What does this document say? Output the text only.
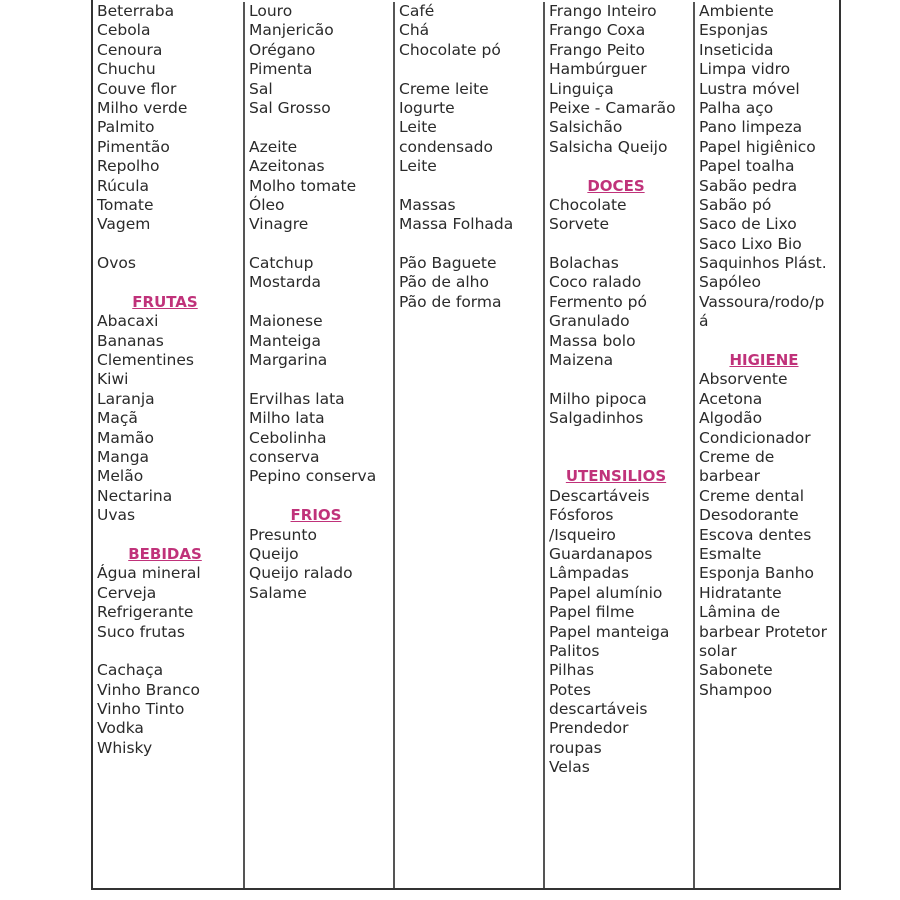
Beterraba
Cebola
Cenoura
Chuchu
Couve flor
Milho verde
Palmito
Pimentão
Repolho
Rúcula
Tomate
Vagem
Ovos
FRUTAS
Abacaxi
Bananas
Clementines
Kiwi
Laranja
Maçã
Mamão
Manga
Melão
Nectarina
Uvas
BEBIDAS
Água mineral
Cerveja
Refrigerante
Suco frutas
Cachaça
Vinho Branco
Vinho Tinto
Vodka
Whisky
Louro
Manjericão
Orégano
Pimenta
Sal
Sal Grosso
Azeite
Azeitonas
Molho tomate
Óleo
Vinagre
Catchup
Mostarda
Maionese
Manteiga
Margarina
Ervilhas lata
Milho lata
Cebolinha
conserva
Pepino conserva
FRIOS
Presunto
Queijo
Queijo ralado
Salame
Café
Chá
Chocolate pó
Creme leite
Iogurte
Leite
condensado
Leite
Massas
Massa Folhada
Pão Baguete
Pão de alho
Pão de forma
Frango Inteiro
Frango Coxa
Frango Peito
Hambúrguer
Linguiça
Peixe - Camarão
Salsichão
Salsicha Queijo
DOCES
Chocolate
Sorvete
Bolachas
Coco ralado
Fermento pó
Granulado
Massa bolo
Maizena
Milho pipoca
Salgadinhos
UTENSILIOS
Descartáveis
Fósforos
/Isqueiro
Guardanapos
Lâmpadas
Papel alumínio
Papel filme
Papel manteiga
Palitos
Pilhas
Potes
descartáveis
Prendedor
roupas
Velas
Ambiente
Esponjas
Inseticida
Limpa vidro
Lustra móvel
Palha aço
Pano limpeza
Papel higiênico
Papel toalha
Sabão pedra
Sabão pó
Saco de Lixo
Saco Lixo Bio
Saquinhos Plást.
Sapóleo
Vassoura/rodo/p
á
HIGIENE
Absorvente
Acetona
Algodão
Condicionador
Creme de
barbear
Creme dental
Desodorante
Escova dentes
Esmalte
Esponja Banho
Hidratante
Lâmina de
barbear Protetor
solar
Sabonete
Shampoo
